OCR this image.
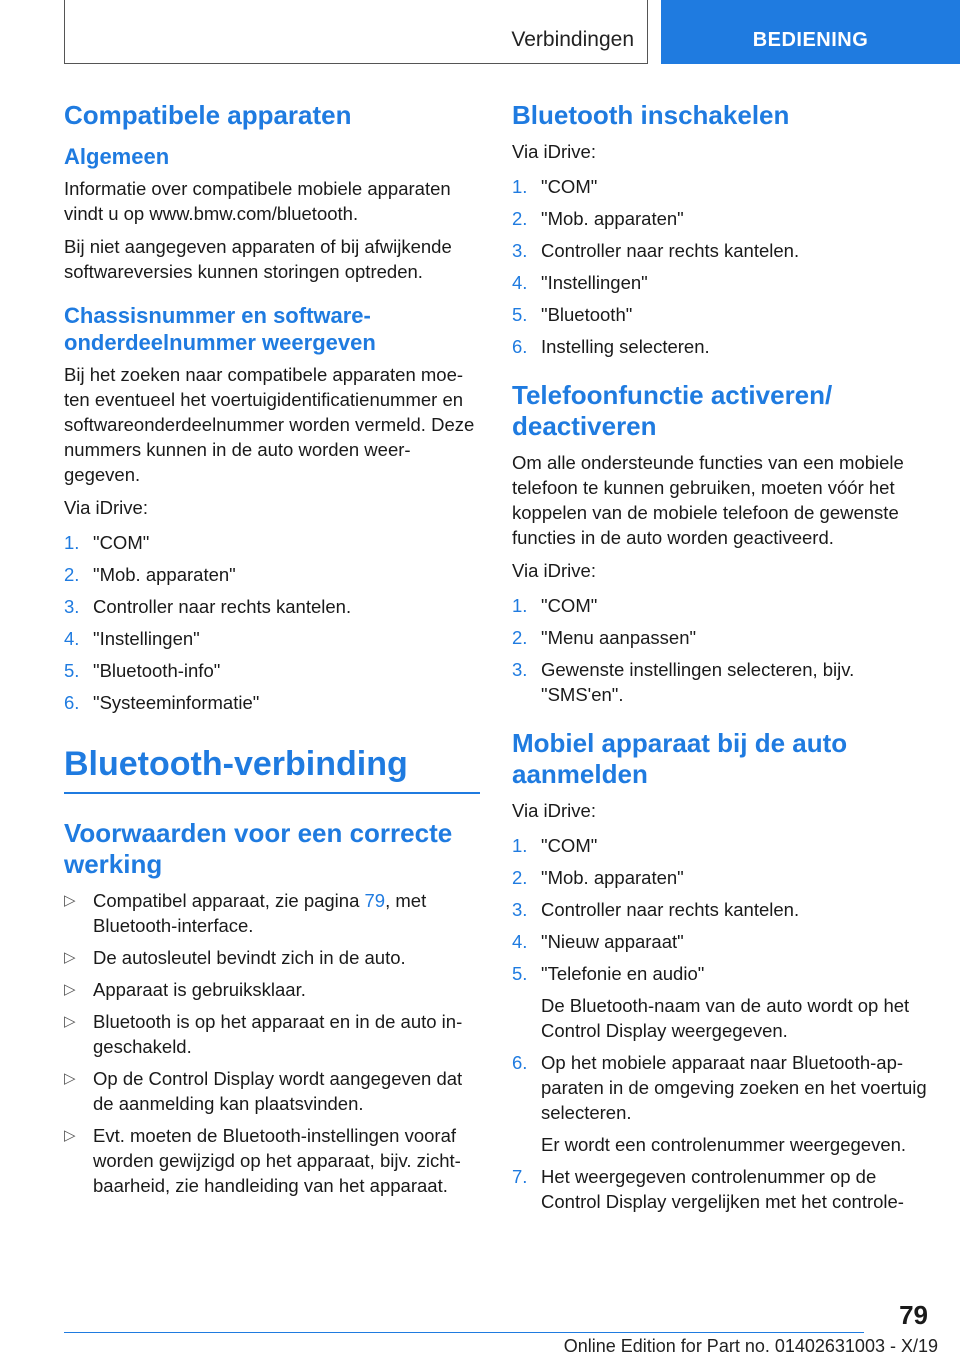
Verbindingen	BEDIENING
Compatibele apparaten
Algemeen

Informatie over compatibele mobiele apparaten vindt u op www.bmw.com/bluetooth.

Bij niet aangegeven apparaten of bij afwijkende softwareversies kunnen storingen optreden.

Chassisnummer en softwareonderdeelnummer weergeven

Bij het zoeken naar compatibele apparaten moeten eventueel het voertuigidentificatienummer en softwareonderdeelnummer worden vermeld. Deze nummers kunnen in de auto worden weergegeven.

Via iDrive:

1. "COM"
2. "Mob. apparaten"
3. Controller naar rechts kantelen.
4. "Instellingen"
5. "Bluetooth-info"
6. "Systeeminformatie"
Bluetooth-verbinding
Voorwaarden voor een correcte werking
▷ Compatibel apparaat, zie pagina 79, met Bluetooth-interface.
▷ De autosleutel bevindt zich in de auto.
▷ Apparaat is gebruiksklaar.
▷ Bluetooth is op het apparaat en in de auto ingeschakeld.
▷ Op de Control Display wordt aangegeven dat de aanmelding kan plaatsvinden.
▷ Evt. moeten de Bluetooth-instellingen vooraf worden gewijzigd op het apparaat, bijv. zichtbaarheid, zie handleiding van het apparaat.
Bluetooth inschakelen

Via iDrive:

1. "COM"
2. "Mob. apparaten"
3. Controller naar rechts kantelen.
4. "Instellingen"
5. "Bluetooth"
6. Instelling selecteren.
Telefoonfunctie activeren/ deactiveren

Om alle ondersteunde functies van een mobiele telefoon te kunnen gebruiken, moeten vóór het koppelen van de mobiele telefoon de gewenste functies in de auto worden geactiveerd.

Via iDrive:

1. "COM"
2. "Menu aanpassen"
3. Gewenste instellingen selecteren, bijv. "SMS'en".
Mobiel apparaat bij de auto aanmelden

Via iDrive:

1. "COM"
2. "Mob. apparaten"
3. Controller naar rechts kantelen.
4. "Nieuw apparaat"
5. "Telefonie en audio"
De Bluetooth-naam van de auto wordt op het Control Display weergegeven.
6. Op het mobiele apparaat naar Bluetooth-apparaten in de omgeving zoeken en het voertuig selecteren.
Er wordt een controlenummer weergegeven.
7. Het weergegeven controlenummer op de Control Display vergelijken met het controle-
79
Online Edition for Part no. 01402631003 - X/19
